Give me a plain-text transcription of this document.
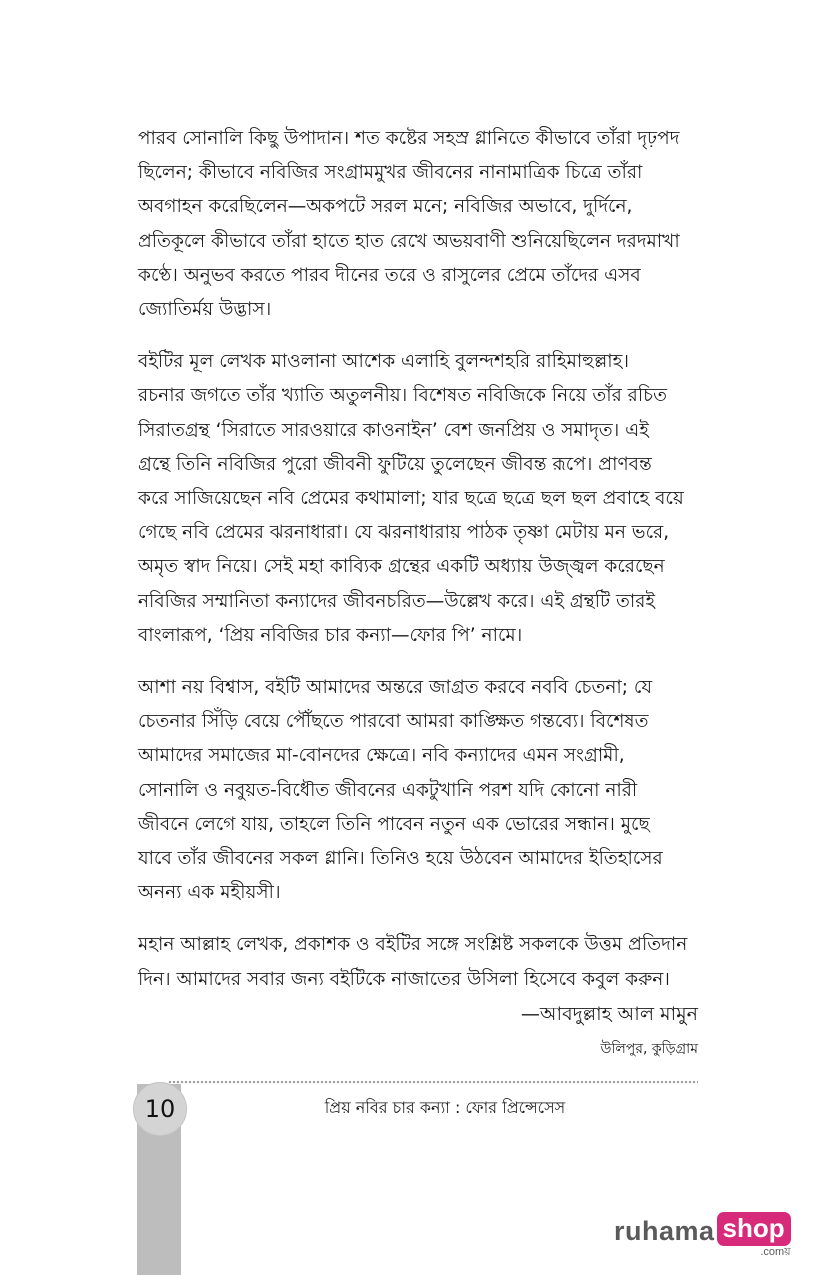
পারব সোনালি কিছু উপাদান। শত কষ্টের সহস্র গ্লানিতে কীভাবে তাঁরা দৃঢ়পদ

ছিলেন; কীভাবে নবিজির সংগ্রামমুখর জীবনের নানামাত্রিক চিত্রে তাঁরা

অবগাহন করেছিলেন—অকপটে সরল মনে; নবিজির অভাবে, দুর্দিনে,

প্রতিকূলে কীভাবে তাঁরা হাতে হাত রেখে অভয়বাণী শুনিয়েছিলেন দরদমাখা

কণ্ঠে। অনুভব করতে পারব দীনের তরে ও রাসুলের প্রেমে তাঁদের এসব

জ্যোতির্ময় উদ্ভাস।

বইটির মূল লেখক মাওলানা আশেক এলাহি বুলন্দশহরি রাহিমাহুল্লাহ।

রচনার জগতে তাঁর খ্যাতি অতুলনীয়। বিশেষত নবিজিকে নিয়ে তাঁর রচিত

সিরাতগ্রন্থ ‘সিরাতে সারওয়ারে কাওনাইন’ বেশ জনপ্রিয় ও সমাদৃত। এই

গ্রন্থে তিনি নবিজির পুরো জীবনী ফুটিয়ে তুলেছেন জীবন্ত রূপে। প্রাণবন্ত

করে সাজিয়েছেন নবি প্রেমের কথামালা; যার ছত্রে ছত্রে ছল ছল প্রবাহে বয়ে

গেছে নবি প্রেমের ঝরনাধারা। যে ঝরনাধারায় পাঠক তৃষ্ণা মেটায় মন ভরে,

অমৃত স্বাদ নিয়ে। সেই মহা কাব্যিক গ্রন্থের একটি অধ্যায় উজ্জ্বল করেছেন

নবিজির সম্মানিতা কন্যাদের জীবনচরিত—উল্লেখ করে। এই গ্রন্থটি তারই

বাংলারূপ, ‘প্রিয় নবিজির চার কন্যা—ফোর পি’ নামে।

আশা নয় বিশ্বাস, বইটি আমাদের অন্তরে জাগ্রত করবে নববি চেতনা; যে

চেতনার সিঁড়ি বেয়ে পৌঁছতে পারবো আমরা কাঙ্ক্ষিত গন্তব্যে। বিশেষত

আমাদের সমাজের মা-বোনদের ক্ষেত্রে। নবি কন্যাদের এমন সংগ্রামী,

সোনালি ও নবুয়ত-বিধৌত জীবনের একটুখানি পরশ যদি কোনো নারী

জীবনে লেগে যায়, তাহলে তিনি পাবেন নতুন এক ভোরের সন্ধান। মুছে

যাবে তাঁর জীবনের সকল গ্লানি। তিনিও হয়ে উঠবেন আমাদের ইতিহাসের

অনন্য এক মহীয়সী।

মহান আল্লাহ লেখক, প্রকাশক ও বইটির সঙ্গে সংশ্লিষ্ট সকলকে উত্তম প্রতিদান

দিন। আমাদের সবার জন্য বইটিকে নাজাতের উসিলা হিসেবে কবুল করুন।

—আবদুল্লাহ আল মামুন
উলিপুর, কুড়িগ্রাম
10	প্রিয় নবির চার কন্যা : ফোর প্রিন্সেসেস
ruhama shop
.comয়
